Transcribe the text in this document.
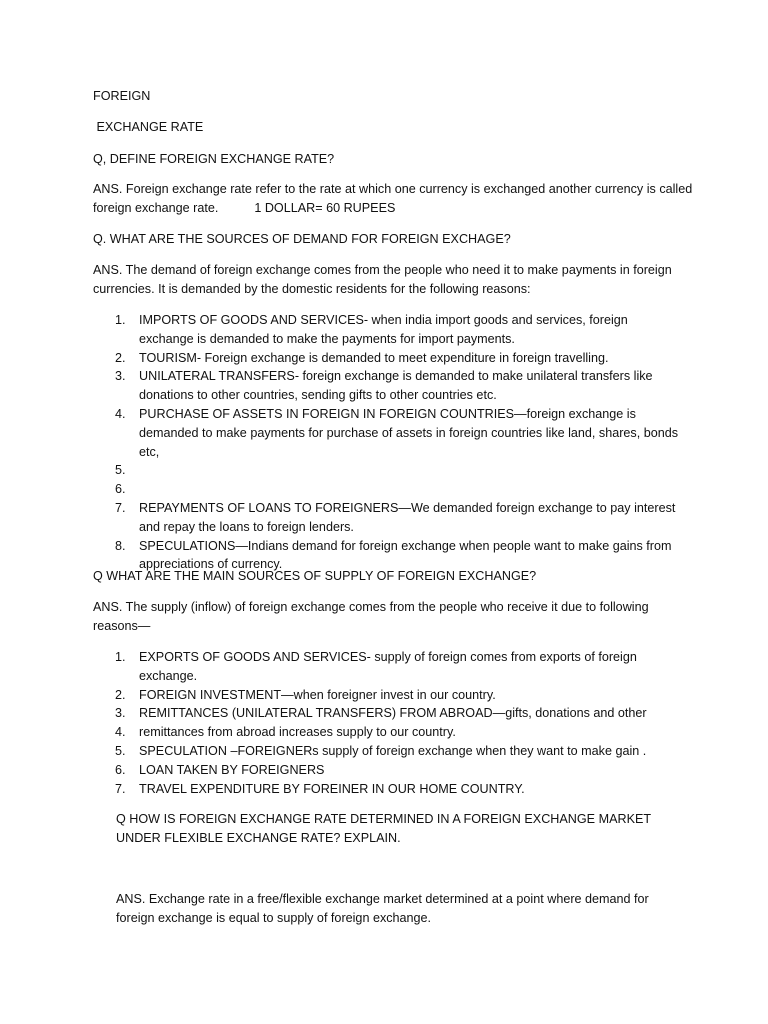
FOREIGN

EXCHANGE RATE

Q, DEFINE FOREIGN EXCHANGE RATE?

ANS. Foreign exchange rate refer to the rate at which one currency is exchanged another currency is called foreign exchange rate.	1 DOLLAR= 60 RUPEES

Q. WHAT ARE THE SOURCES OF DEMAND FOR FOREIGN EXCHAGE?

ANS. The demand of foreign exchange comes from the people who need it to make payments in foreign currencies. It is demanded by the domestic residents for the following reasons:

1. IMPORTS OF GOODS AND SERVICES- when india import goods and services, foreign exchange is demanded to make the payments for import payments.
2. TOURISM- Foreign exchange is demanded to meet expenditure in foreign travelling.
3. UNILATERAL TRANSFERS- foreign exchange is demanded to make unilateral transfers like donations to other countries, sending gifts to other countries etc.
4. PURCHASE OF ASSETS IN FOREIGN IN FOREIGN COUNTRIES—foreign exchange is demanded to make payments for purchase of assets in foreign countries like land, shares, bonds etc,
5.
6.
7. REPAYMENTS OF LOANS TO FOREIGNERS—We demanded foreign exchange to pay interest and repay the loans to foreign lenders.
8. SPECULATIONS—Indians demand for foreign exchange when people want to make gains from appreciations of currency.

Q WHAT ARE THE MAIN SOURCES OF SUPPLY OF FOREIGN EXCHANGE?

ANS. The supply (inflow) of foreign exchange comes from the people who receive it due to following reasons—

1. EXPORTS OF GOODS AND SERVICES- supply of foreign comes from exports of foreign exchange.
2. FOREIGN INVESTMENT—when foreigner invest in our country.
3. REMITTANCES (UNILATERAL TRANSFERS) FROM ABROAD—gifts, donations and other
4. remittances from abroad increases supply to our country.
5. SPECULATION –FOREIGNERs supply of foreign exchange when they want to make gain .
6. LOAN TAKEN BY FOREIGNERS
7. TRAVEL EXPENDITURE BY FOREINER IN OUR HOME COUNTRY.

Q HOW IS FOREIGN EXCHANGE RATE DETERMINED IN A FOREIGN EXCHANGE MARKET UNDER FLEXIBLE EXCHANGE RATE? EXPLAIN.

ANS. Exchange rate in a free/flexible exchange market determined at a point where demand for foreign exchange is equal to supply of foreign exchange.
